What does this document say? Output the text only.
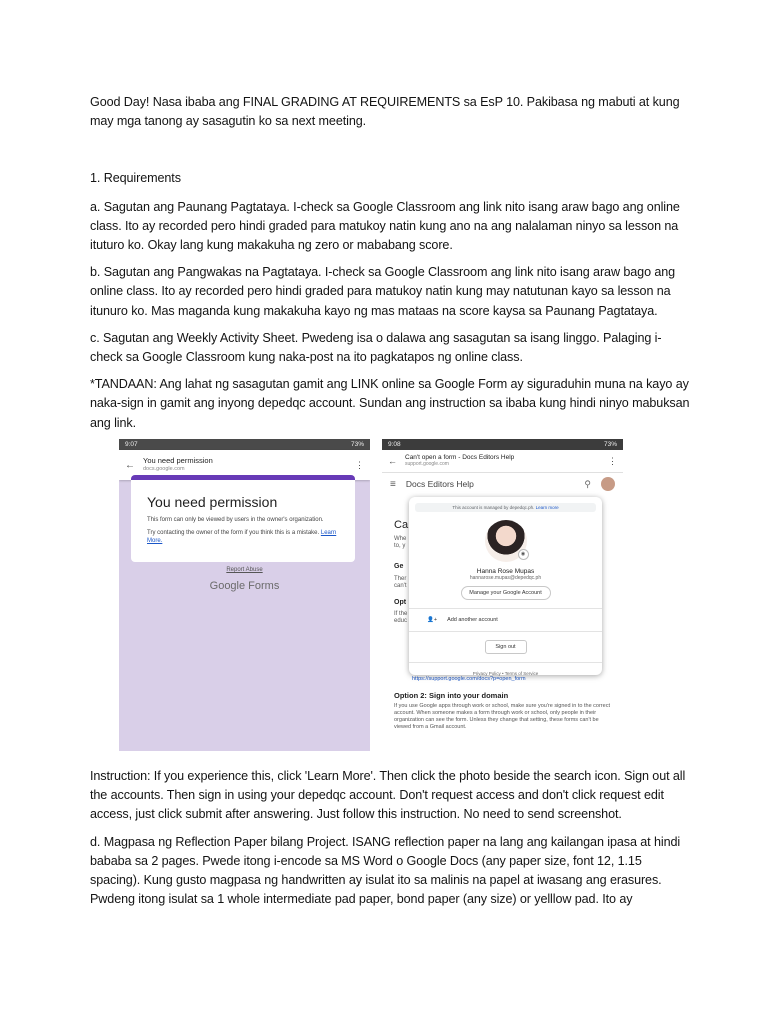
Good Day! Nasa ibaba ang FINAL GRADING AT REQUIREMENTS sa EsP 10. Pakibasa ng mabuti at kung may mga tanong ay sasagutin ko sa next meeting.

1. Requirements

a. Sagutan ang Paunang Pagtataya. I-check sa Google Classroom ang link nito isang araw bago ang online class. Ito ay recorded pero hindi graded para matukoy natin kung ano na ang nalalaman ninyo sa lesson na ituturo ko. Okay lang kung makakuha ng zero or mababang score.

b. Sagutan ang Pangwakas na Pagtataya. I-check sa Google Classroom ang link nito isang araw bago ang online class. Ito ay recorded pero hindi graded para matukoy natin kung may natutunan kayo sa lesson na itunuro ko. Mas maganda kung makakuha kayo ng mas mataas na score kaysa sa Paunang Pagtataya.

c. Sagutan ang Weekly Activity Sheet. Pwedeng isa o dalawa ang sasagutan sa isang linggo. Palaging i-check sa Google Classroom kung naka-post na ito pagkatapos ng online class.

*TANDAAN: Ang lahat ng sasagutan gamit ang LINK online sa Google Form ay siguraduhin muna na kayo ay naka-sign in gamit ang inyong depedqc account. Sundan ang instruction sa ibaba kung hindi ninyo mabuksan ang link.

9:07	73%
← You need permission
docs.google.com	⋮
You need permission

This form can only be viewed by users in the owner's organization.

Try contacting the owner of the form if you think this is a mistake. Learn More.

Report Abuse
Google Forms
9:08	73%
← Can't open a form - Docs Editors Help
support.google.com	⋮
≡ Docs Editors Help	⚲
Ca
Whe
to, y
Ge
Ther
can't
Opt
If the
educ
https://support.google.com/docs?p=open_form
Option 2: Sign into your domain
If you use Google apps through work or school, make sure you're signed in to the correct account. When someone makes a form through work or school, only people in their organization can see the form. Unless they change that setting, these forms can't be viewed from a Gmail account.
This account is managed by depedqc.ph. Learn more
◉
Hanna Rose Mupas
hannarose.mupas@depedqc.ph
Manage your Google Account
👤+ Add another account
Sign out
Privacy Policy • Terms of Service

Instruction: If you experience this, click 'Learn More'. Then click the photo beside the search icon. Sign out all the accounts. Then sign in using your depedqc account. Don't request access and don't click request edit access, just click submit after answering. Just follow this instruction. No need to send screenshot.

d. Magpasa ng Reflection Paper bilang Project. ISANG reflection paper na lang ang kailangan ipasa at hindi bababa sa 2 pages. Pwede itong i-encode sa MS Word o Google Docs (any paper size, font 12, 1.15 spacing). Kung gusto magpasa ng handwritten ay isulat ito sa malinis na papel at iwasang ang erasures. Pwdeng itong isulat sa 1 whole intermediate pad paper, bond paper (any size) or yelllow pad. Ito ay
